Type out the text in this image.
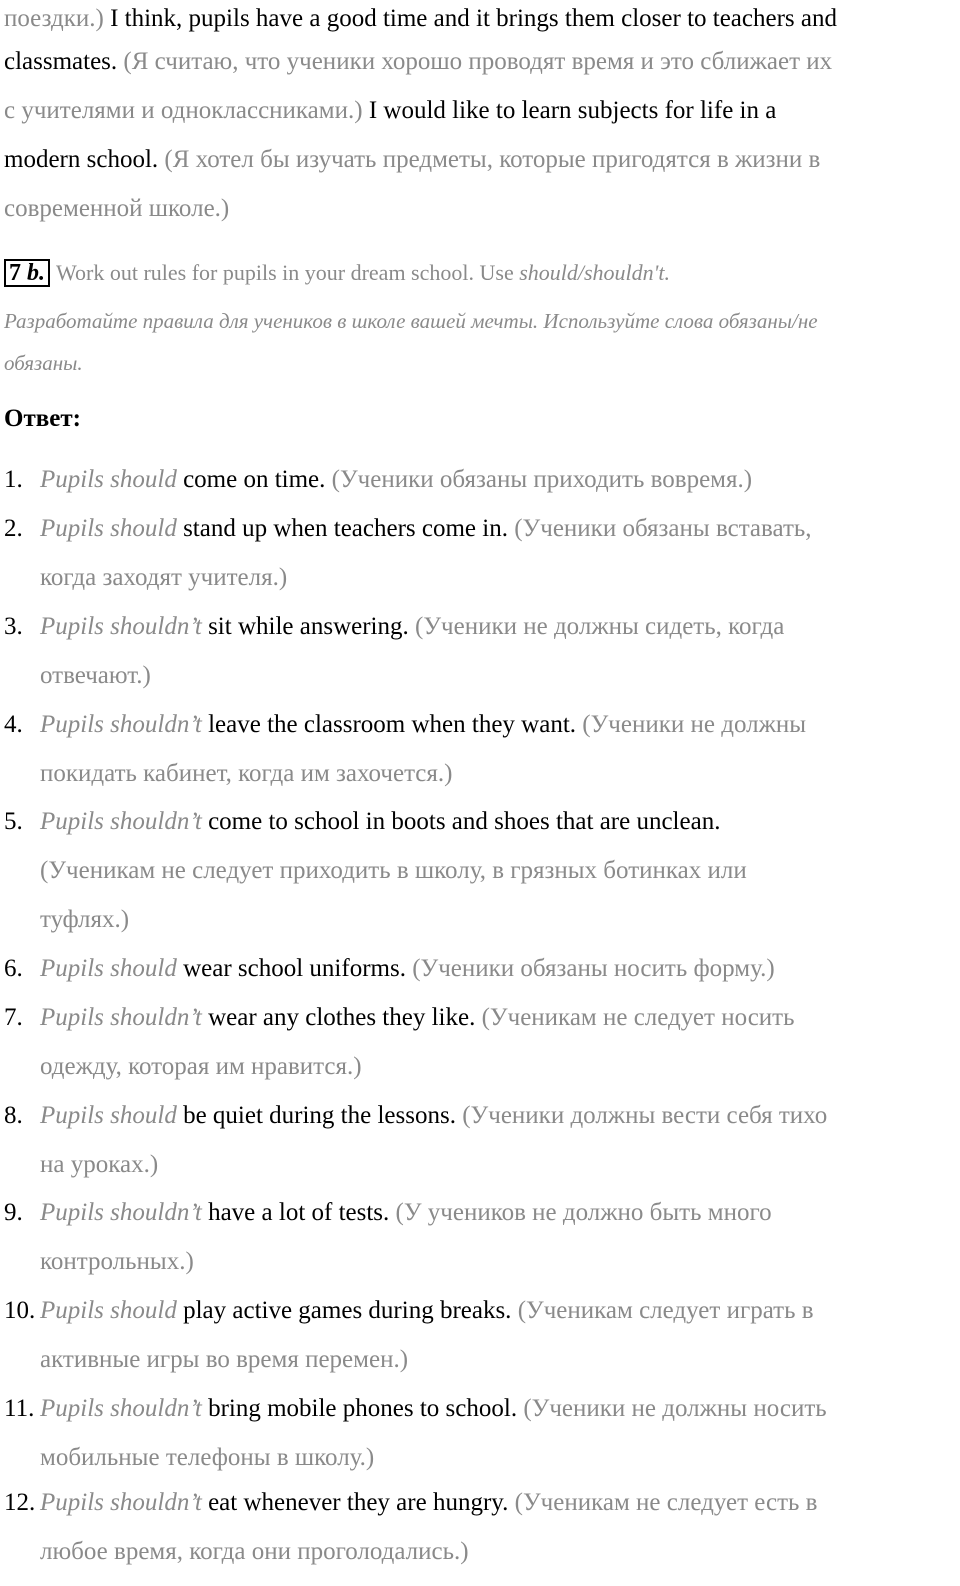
поездки.) I think, pupils have a good time and it brings them closer to teachers and
classmates. (Я считаю, что ученики хорошо проводят время и это сближает их
с учителями и одноклассниками.) I would like to learn subjects for life in a
modern school. (Я хотел бы изучать предметы, которые пригодятся в жизни в
современной школе.)
7 b. Work out rules for pupils in your dream school. Use should/shouldn't.
Разработайте правила для учеников в школе вашей мечты. Используйте слова обязаны/не
обязаны.
Ответ:
1. Pupils should come on time. (Ученики обязаны приходить вовремя.)
2. Pupils should stand up when teachers come in. (Ученики обязаны вставать,
когда заходят учителя.)
3. Pupils shouldn’t sit while answering. (Ученики не должны сидеть, когда
отвечают.)
4. Pupils shouldn’t leave the classroom when they want. (Ученики не должны
покидать кабинет, когда им захочется.)
5. Pupils shouldn’t come to school in boots and shoes that are unclean.
(Ученикам не следует приходить в школу, в грязных ботинках или
туфлях.)
6. Pupils should wear school uniforms. (Ученики обязаны носить форму.)
7. Pupils shouldn’t wear any clothes they like. (Ученикам не следует носить
одежду, которая им нравится.)
8. Pupils should be quiet during the lessons. (Ученики должны вести себя тихо
на уроках.)
9. Pupils shouldn’t have a lot of tests. (У учеников не должно быть много
контрольных.)
10. Pupils should play active games during breaks. (Ученикам следует играть в
активные игры во время перемен.)
11. Pupils shouldn’t bring mobile phones to school. (Ученики не должны носить
мобильные телефоны в школу.)
12. Pupils shouldn’t eat whenever they are hungry. (Ученикам не следует есть в
любое время, когда они проголодались.)
